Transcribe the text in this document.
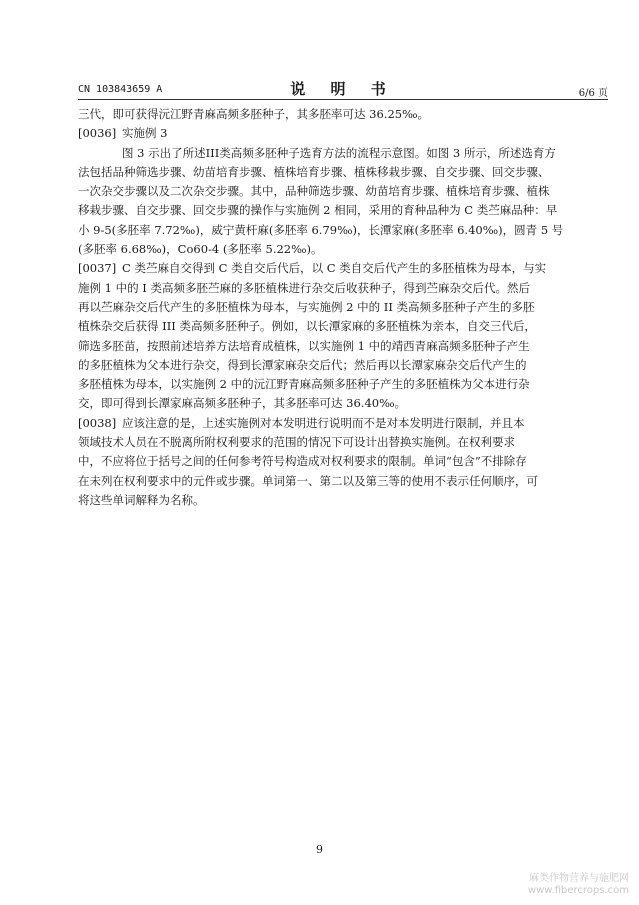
CN 103843659 A	说 明 书	6/6 页
三代，即可获得沅江野青麻高频多胚种子，其多胚率可达 36.25‰。
[0036] 实施例 3
图 3 示出了所述III类高频多胚种子选育方法的流程示意图。如图 3 所示，所述选育方
法包括品种筛选步骤、幼苗培育步骤、植株培育步骤、植株移栽步骤、自交步骤、回交步骤、
一次杂交步骤以及二次杂交步骤。其中，品种筛选步骤、幼苗培育步骤、植株培育步骤、植株
移栽步骤、自交步骤、回交步骤的操作与实施例 2 相同，采用的育种品种为 C 类苎麻品种：早
小 9-5(多胚率 7.72‰)，威宁黄杆麻(多胚率 6.79‰)，长潭家麻(多胚率 6.40‰)，圆青 5 号
(多胚率 6.68‰)，Co60-4 (多胚率 5.22‰)。
[0037] C 类苎麻自交得到 C 类自交后代后，以 C 类自交后代产生的多胚植株为母本，与实
施例 1 中的 I 类高频多胚苎麻的多胚植株进行杂交后收获种子，得到苎麻杂交后代。然后
再以苎麻杂交后代产生的多胚植株为母本，与实施例 2 中的 II 类高频多胚种子产生的多胚
植株杂交后获得 III 类高频多胚种子。例如，以长潭家麻的多胚植株为亲本，自交三代后，
筛选多胚苗，按照前述培养方法培育成植株，以实施例 1 中的靖西青麻高频多胚种子产生
的多胚植株为父本进行杂交，得到长潭家麻杂交后代；然后再以长潭家麻杂交后代产生的
多胚植株为母本，以实施例 2 中的沅江野青麻高频多胚种子产生的多胚植株为父本进行杂
交，即可得到长潭家麻高频多胚种子，其多胚率可达 36.40‰。
[0038] 应该注意的是，上述实施例对本发明进行说明而不是对本发明进行限制，并且本
领域技术人员在不脱离所附权利要求的范围的情况下可设计出替换实施例。在权利要求
中，不应将位于括号之间的任何参考符号构造成对权利要求的限制。单词“包含”不排除存
在未列在权利要求中的元件或步骤。单词第一、第二以及第三等的使用不表示任何顺序，可
将这些单词解释为名称。
9
麻类作物营养与施肥网
www.fibercrops.com
